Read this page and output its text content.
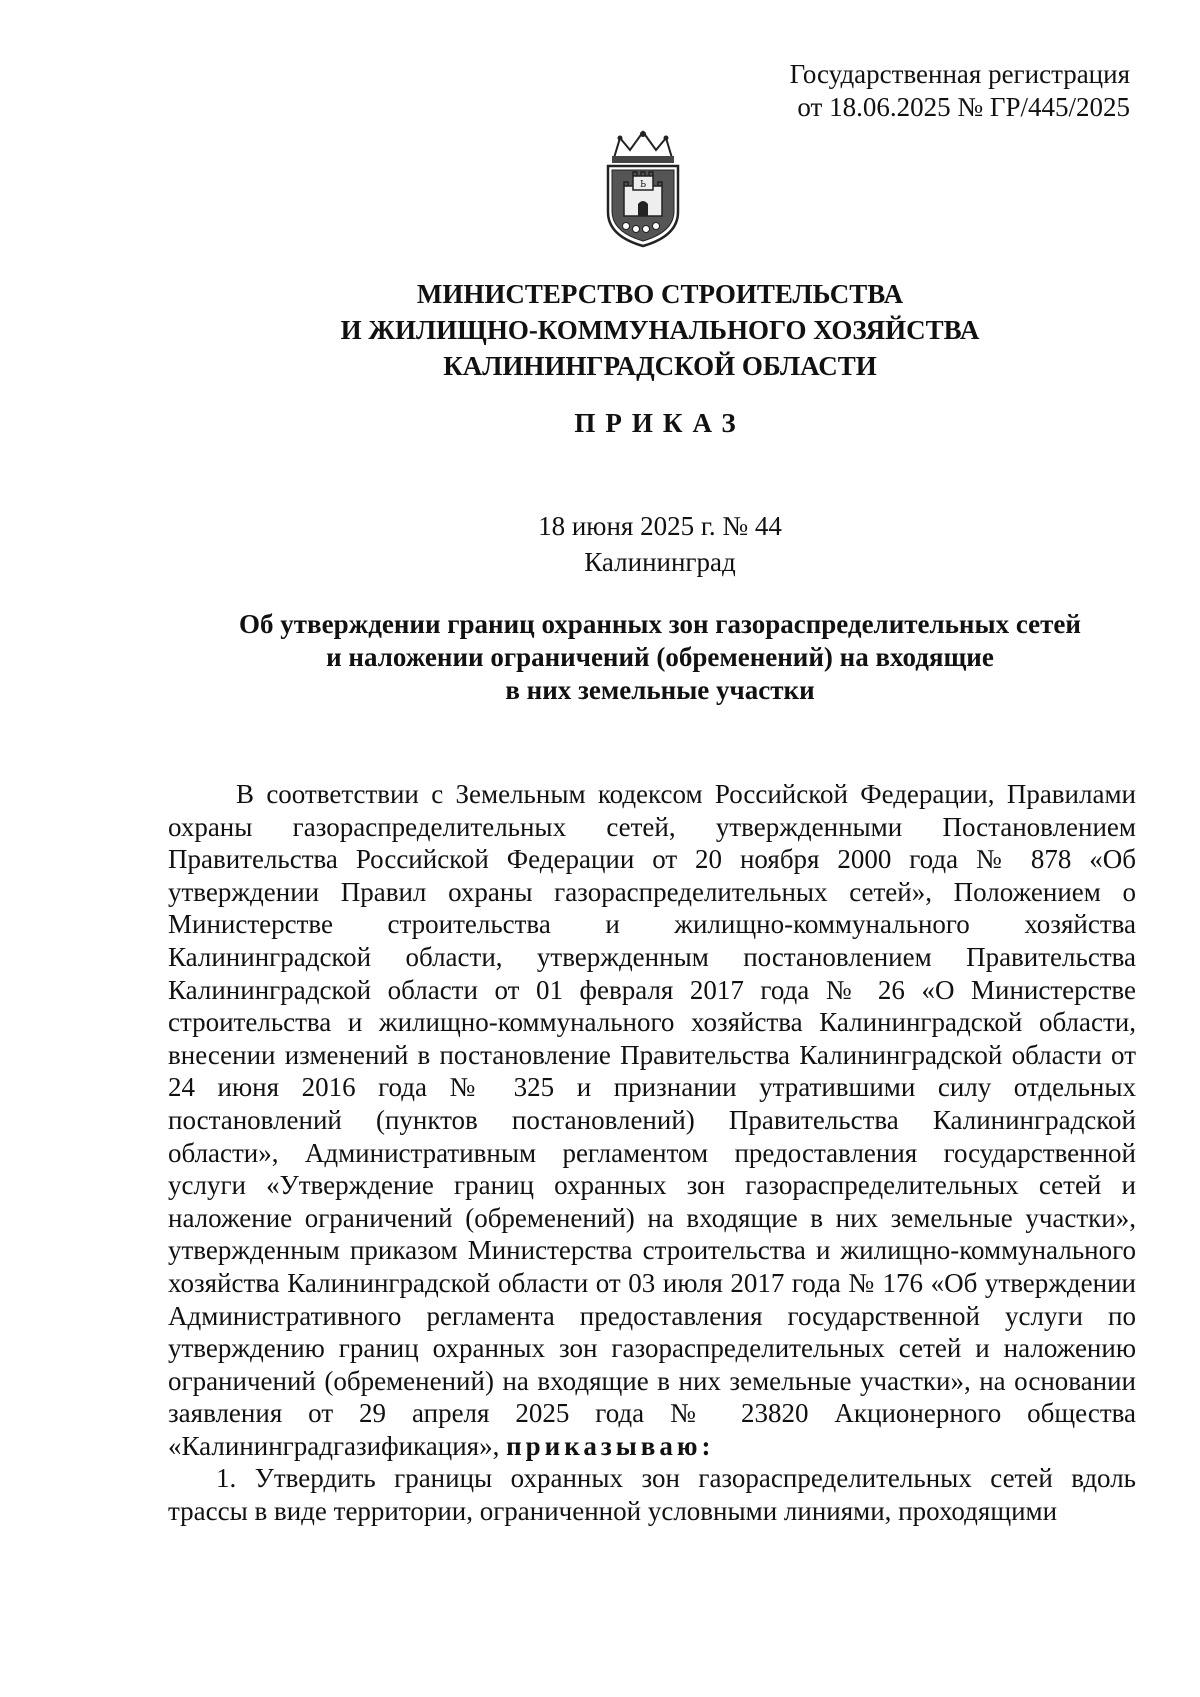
Государственная регистрация
от 18.06.2025 № ГР/445/2025
Ь
МИНИСТЕРСТВО СТРОИТЕЛЬСТВА
И ЖИЛИЩНО-КОММУНАЛЬНОГО ХОЗЯЙСТВА
КАЛИНИНГРАДСКОЙ ОБЛАСТИ
ПРИКАЗ
18 июня 2025 г. № 44
Калининград
Об утверждении границ охранных зон газораспределительных сетей
и наложении ограничений (обременений) на входящие
в них земельные участки

В соответствии с Земельным кодексом Российской Федерации, Правилами охраны газораспределительных сетей, утвержденными Постановлением Правительства Российской Федерации от 20 ноября 2000 года № 878 «Об утверждении Правил охраны газораспределительных сетей», Положением о Министерстве строительства и жилищно-коммунального хозяйства Калининградской области, утвержденным постановлением Правительства Калининградской области от 01 февраля 2017 года № 26 «О Министерстве строительства и жилищно-коммунального хозяйства Калининградской области, внесении изменений в постановление Правительства Калининградской области от 24 июня 2016 года № 325 и признании утратившими силу отдельных постановлений (пунктов постановлений) Правительства Калининградской области», Административным регламентом предоставления государственной услуги «Утверждение границ охранных зон газораспределительных сетей и наложение ограничений (обременений) на входящие в них земельные участки», утвержденным приказом Министерства строительства и жилищно-коммунального хозяйства Калининградской области от 03 июля 2017 года № 176 «Об утверждении Административного регламента предоставления государственной услуги по утверждению границ охранных зон газораспределительных сетей и наложению ограничений (обременений) на входящие в них земельные участки», на основании заявления от 29 апреля 2025 года № 23820 Акционерного общества «Калининградгазификация», приказываю:

1. Утвердить границы охранных зон газораспределительных сетей вдоль трассы в виде территории, ограниченной условными линиями, проходящими
